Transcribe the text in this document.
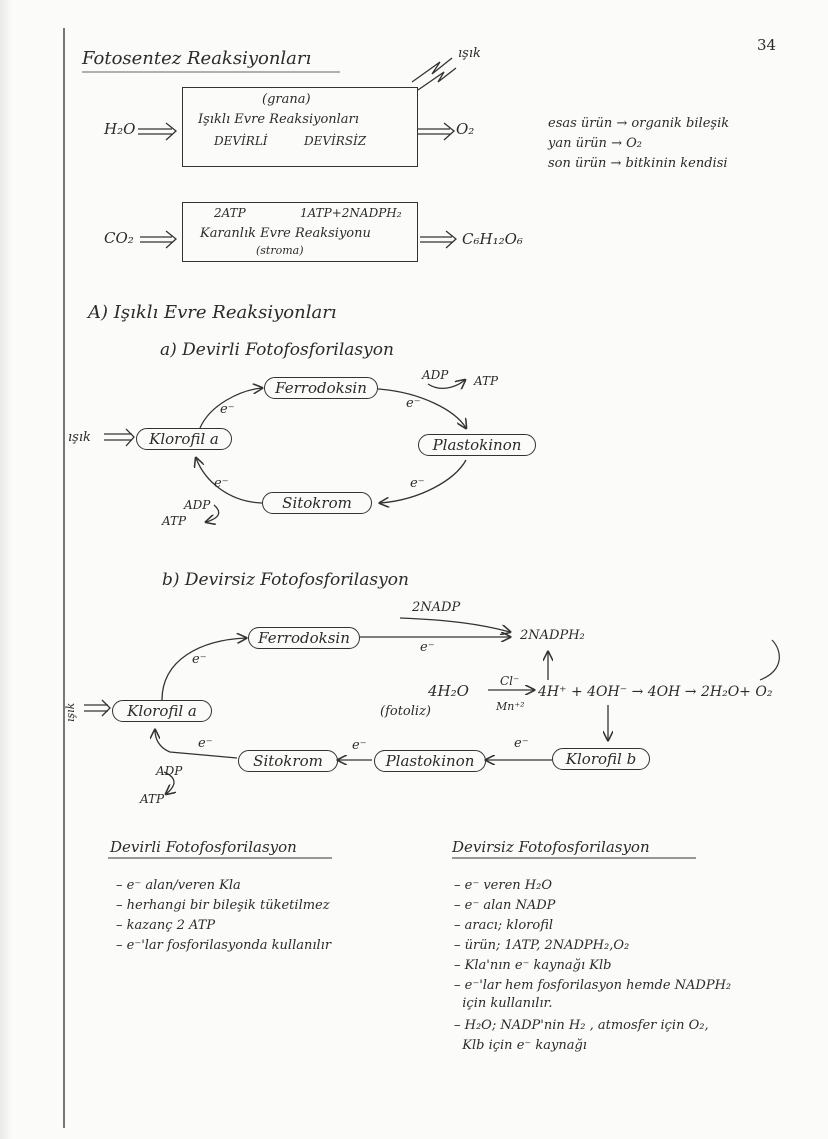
Fotosentez Reaksiyonları
34
ışık
H₂O
(grana)
Işıklı Evre Reaksiyonları
DEVİRLİ	DEVİRSİZ
O₂	esas ürün → organik bileşik
yan ürün → O₂
son ürün → bitkinin kendisi
CO₂
2ATP	1ATP+2NADPH₂
Karanlık Evre Reaksiyonu
(stroma)
C₆H₁₂O₆
A) Işıklı Evre Reaksiyonları
a) Devirli Fotofosforilasyon
ışık	Klorofil a
Ferrodoksin
Plastokinon
Sitokrom
e⁻	e⁻
e⁻
e⁻
ADP ATP
ADP
ATP
b) Devirsiz Fotofosforilasyon
2NADP
2NADPH₂
Ferrodoksin
e⁻
e⁻
ışık	Klorofil a
4H₂O
(fotoliz)
Cl⁻
Mn⁺²
4H⁺ + 4OH⁻ → 4OH → 2H₂O+ O₂
Sitokrom	Plastokinon	Klorofil b
e⁻	e⁻	e⁻
ADP
ATP
Devirli Fotofosforilasyon
– e⁻ alan/veren Kla
– herhangi bir bileşik tüketilmez
– kazanç 2 ATP
– e⁻'lar fosforilasyonda kullanılır
Devirsiz Fotofosforilasyon
– e⁻ veren H₂O
– e⁻ alan NADP
– aracı; klorofil
– ürün; 1ATP, 2NADPH₂,O₂
– Kla'nın e⁻ kaynağı Klb
– e⁻'lar hem fosforilasyon hemde NADPH₂
için kullanılır.
– H₂O; NADP'nin H₂ , atmosfer için O₂,
Klb için e⁻ kaynağı
